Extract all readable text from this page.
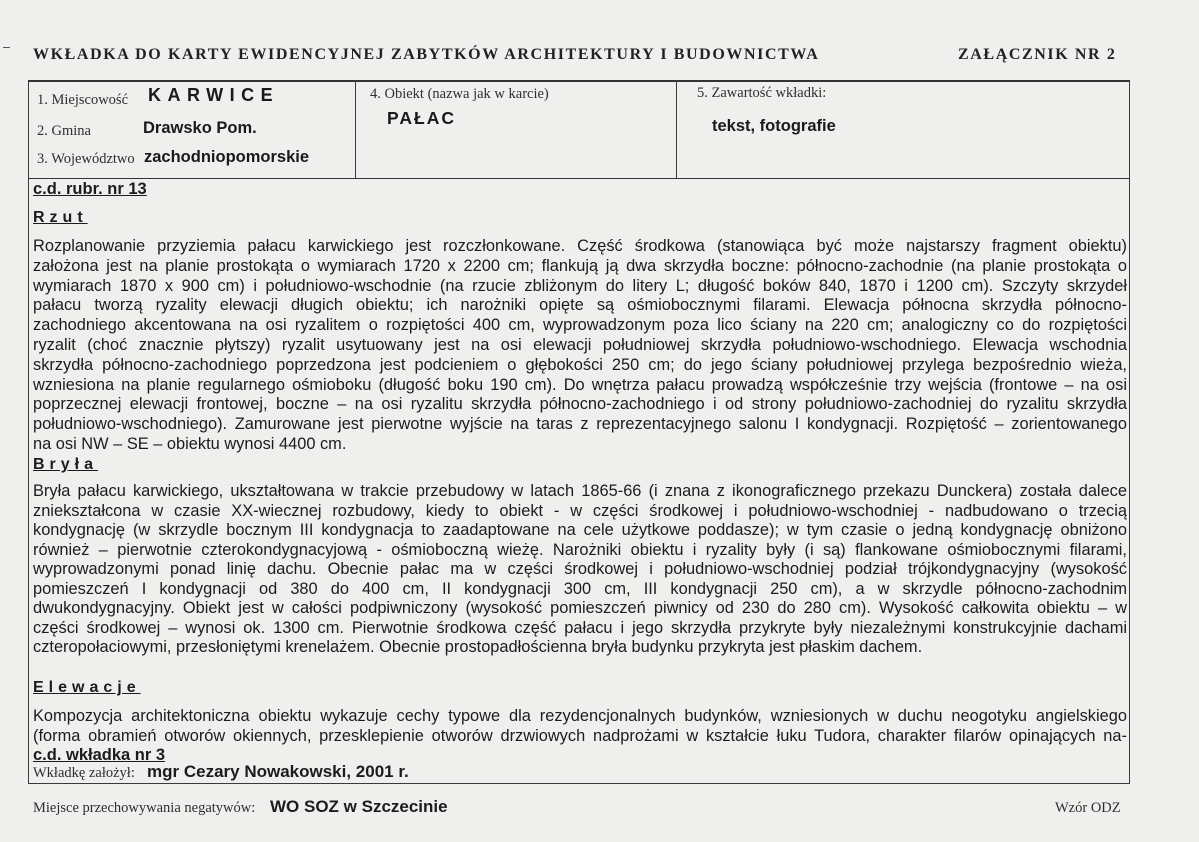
WKŁADKA DO KARTY EWIDENCYJNEJ ZABYTKÓW ARCHITEKTURY I BUDOWNICTWA	ZAŁĄCZNIK NR 2
1. Miejscowość KARWICE
2. Gmina	Drawsko Pom.
3. Województwo zachodniopomorskie
4. Obiekt (nazwa jak w karcie)
PAŁAC
5. Zawartość wkładki:
tekst, fotografie
c.d. rubr. nr 13
Rzut
Rozplanowanie przyziemia pałacu karwickiego jest rozczłonkowane. Część środkowa (stanowiąca być może najstarszy fragment obiektu)
założona jest na planie prostokąta o wymiarach 1720 x 2200 cm; flankują ją dwa skrzydła boczne: północno-zachodnie (na planie prostokąta o
wymiarach 1870 x 900 cm) i południowo-wschodnie (na rzucie zbliżonym do litery L; długość boków 840, 1870 i 1200 cm). Szczyty skrzydeł
pałacu tworzą ryzality elewacji długich obiektu; ich narożniki opięte są ośmiobocznymi filarami. Elewacja północna skrzydła północno-
zachodniego akcentowana na osi ryzalitem o rozpiętości 400 cm, wyprowadzonym poza lico ściany na 220 cm; analogiczny co do rozpiętości
ryzalit (choć znacznie płytszy) ryzalit usytuowany jest na osi elewacji południowej skrzydła południowo-wschodniego. Elewacja wschodnia
skrzydła północno-zachodniego poprzedzona jest podcieniem o głębokości 250 cm; do jego ściany południowej przylega bezpośrednio wieża,
wzniesiona na planie regularnego ośmioboku (długość boku 190 cm). Do wnętrza pałacu prowadzą współcześnie trzy wejścia (frontowe – na osi
poprzecznej elewacji frontowej, boczne – na osi ryzalitu skrzydła północno-zachodniego i od strony południowo-zachodniej do ryzalitu skrzydła
południowo-wschodniego). Zamurowane jest pierwotne wyjście na taras z reprezentacyjnego salonu I kondygnacji. Rozpiętość – zorientowanego
na osi NW – SE – obiektu wynosi 4400 cm.
Bryła
Bryła pałacu karwickiego, ukształtowana w trakcie przebudowy w latach 1865-66 (i znana z ikonograficznego przekazu Dunckera) została dalece
zniekształcona w czasie XX-wiecznej rozbudowy, kiedy to obiekt - w części środkowej i południowo-wschodniej - nadbudowano o trzecią
kondygnację (w skrzydle bocznym III kondygnacja to zaadaptowane na cele użytkowe poddasze); w tym czasie o jedną kondygnację obniżono
również – pierwotnie czterokondygnacyjową - ośmioboczną wieżę. Narożniki obiektu i ryzality były (i są) flankowane ośmiobocznymi filarami,
wyprowadzonymi ponad linię dachu. Obecnie pałac ma w części środkowej i południowo-wschodniej podział trójkondygnacyjny (wysokość
pomieszczeń I kondygnacji od 380 do 400 cm, II kondygnacji 300 cm, III kondygnacji 250 cm), a w skrzydle północno-zachodnim
dwukondygnacyjny. Obiekt jest w całości podpiwniczony (wysokość pomieszczeń piwnicy od 230 do 280 cm). Wysokość całkowita obiektu – w
części środkowej – wynosi ok. 1300 cm. Pierwotnie środkowa część pałacu i jego skrzydła przykryte były niezależnymi konstrukcyjnie dachami
czteropołaciowymi, przesłoniętymi krenelażem. Obecnie prostopadłościenna bryła budynku przykryta jest płaskim dachem.
Elewacje
Kompozycja architektoniczna obiektu wykazuje cechy typowe dla rezydencjonalnych budynków, wzniesionych w duchu neogotyku angielskiego
(forma obramień otworów okiennych, przesklepienie otworów drzwiowych nadprożami w kształcie łuku Tudora, charakter filarów opinających na-
c.d. wkładka nr 3
Wkładkę założył: mgr Cezary Nowakowski, 2001 r.
Miejsce przechowywania negatywów: WO SOZ w Szczecinie	Wzór ODZ
